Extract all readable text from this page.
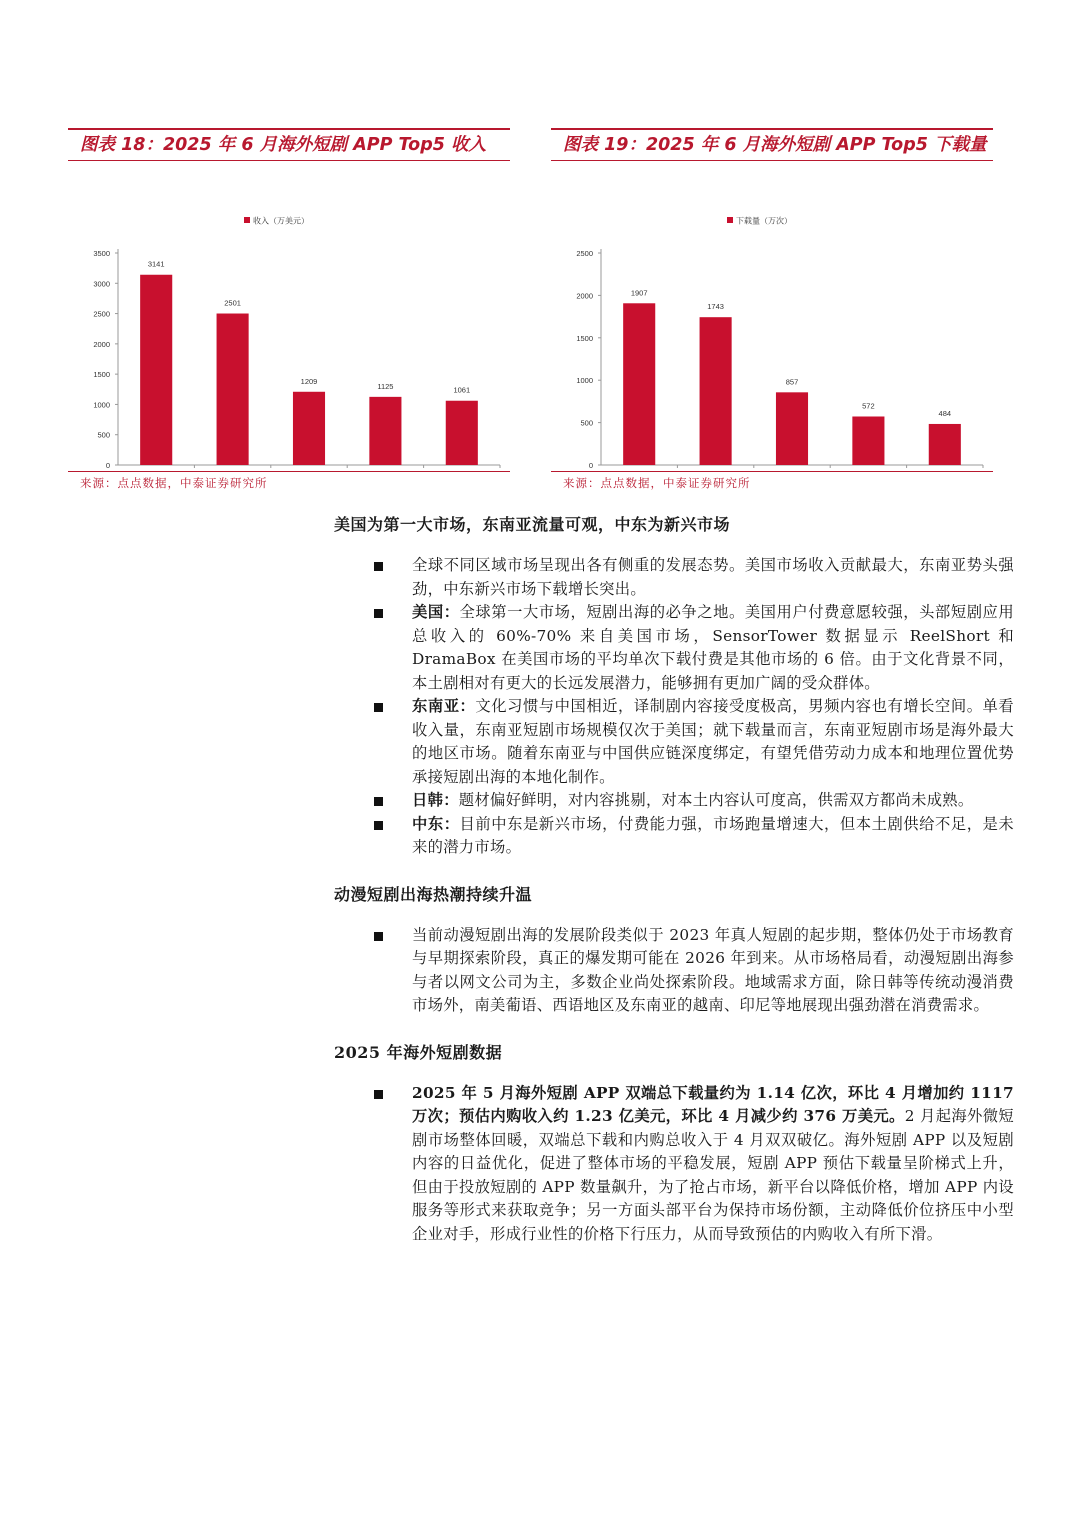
图表 18：2025 年 6 月海外短剧 APP Top5 收入
收入（万美元）
0
500
1000
1500
2000
2500
3000
3500
3141
2501
1209
1125	1061
来源：点点数据，中泰证券研究所
图表 19：2025 年 6 月海外短剧 APP Top5 下载量
下载量（万次）
0
500
1000
1500
2000
2500
1907
1743
857
572
484
来源：点点数据，中泰证券研究所
美国为第一大市场，东南亚流量可观，中东为新兴市场
全球不同区域市场呈现出各有侧重的发展态势。美国市场收入贡献最大，东南亚势头强劲，中东新兴市场下载增长突出。
美国：全球第一大市场，短剧出海的必争之地。美国用户付费意愿较强，头部短剧应用总收入的 60%-70% 来自美国市场，SensorTower 数据显示 ReelShort 和 DramaBox 在美国市场的平均单次下载付费是其他市场的 6 倍。由于文化背景不同，本土剧相对有更大的长远发展潜力，能够拥有更加广阔的受众群体。
东南亚：文化习惯与中国相近，译制剧内容接受度极高，男频内容也有增长空间。单看收入量，东南亚短剧市场规模仅次于美国；就下载量而言，东南亚短剧市场是海外最大的地区市场。随着东南亚与中国供应链深度绑定，有望凭借劳动力成本和地理位置优势承接短剧出海的本地化制作。
日韩：题材偏好鲜明，对内容挑剔，对本土内容认可度高，供需双方都尚未成熟。
中东：目前中东是新兴市场，付费能力强，市场跑量增速大，但本土剧供给不足，是未来的潜力市场。
动漫短剧出海热潮持续升温
当前动漫短剧出海的发展阶段类似于 2023 年真人短剧的起步期，整体仍处于市场教育与早期探索阶段，真正的爆发期可能在 2026 年到来。从市场格局看，动漫短剧出海参与者以网文公司为主，多数企业尚处探索阶段。地域需求方面，除日韩等传统动漫消费市场外，南美葡语、西语地区及东南亚的越南、印尼等地展现出强劲潜在消费需求。
2025 年海外短剧数据
2025 年 5 月海外短剧 APP 双端总下载量约为 1.14 亿次，环比 4 月增加约 1117 万次；预估内购收入约 1.23 亿美元，环比 4 月减少约 376 万美元。2 月起海外微短剧市场整体回暖，双端总下载和内购总收入于 4 月双双破亿。海外短剧 APP 以及短剧内容的日益优化，促进了整体市场的平稳发展，短剧 APP 预估下载量呈阶梯式上升，但由于投放短剧的 APP 数量飙升，为了抢占市场，新平台以降低价格，增加 APP 内设服务等形式来获取竞争；另一方面头部平台为保持市场份额，主动降低价位挤压中小型企业对手，形成行业性的价格下行压力，从而导致预估的内购收入有所下滑。
